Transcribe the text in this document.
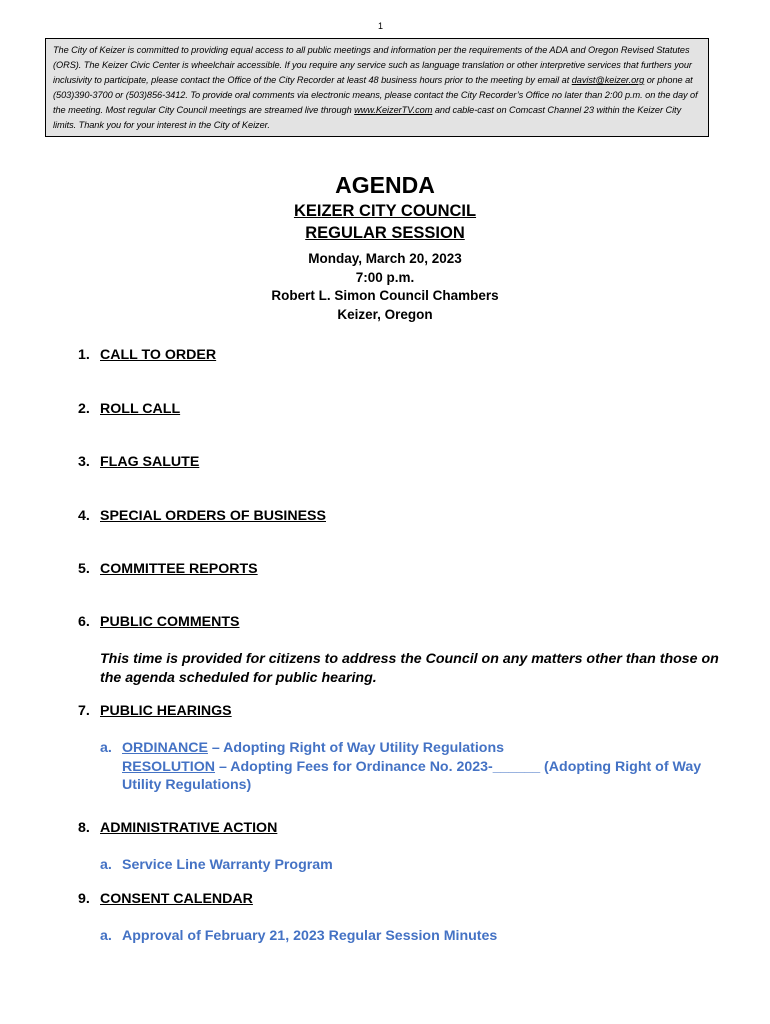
1

The City of Keizer is committed to providing equal access to all public meetings and information per the requirements of the ADA and Oregon Revised Statutes (ORS). The Keizer Civic Center is wheelchair accessible. If you require any service such as language translation or other interpretive services that furthers your inclusivity to participate, please contact the Office of the City Recorder at least 48 business hours prior to the meeting by email at davist@keizer.org or phone at (503)390-3700 or (503)856-3412. To provide oral comments via electronic means, please contact the City Recorder’s Office no later than 2:00 p.m. on the day of the meeting. Most regular City Council meetings are streamed live through www.KeizerTV.com and cable-cast on Comcast Channel 23 within the Keizer City limits. Thank you for your interest in the City of Keizer.

AGENDA
KEIZER CITY COUNCIL
REGULAR SESSION
Monday, March 20, 2023
7:00 p.m.
Robert L. Simon Council Chambers
Keizer, Oregon
1. CALL TO ORDER
2. ROLL CALL
3. FLAG SALUTE
4. SPECIAL ORDERS OF BUSINESS
5. COMMITTEE REPORTS
6. PUBLIC COMMENTS
This time is provided for citizens to address the Council on any matters other than those on the agenda scheduled for public hearing.
7. PUBLIC HEARINGS
a. ORDINANCE – Adopting Right of Way Utility Regulations
RESOLUTION – Adopting Fees for Ordinance No. 2023-______ (Adopting Right of Way Utility Regulations)
8. ADMINISTRATIVE ACTION
a. Service Line Warranty Program
9. CONSENT CALENDAR
a. Approval of February 21, 2023 Regular Session Minutes
